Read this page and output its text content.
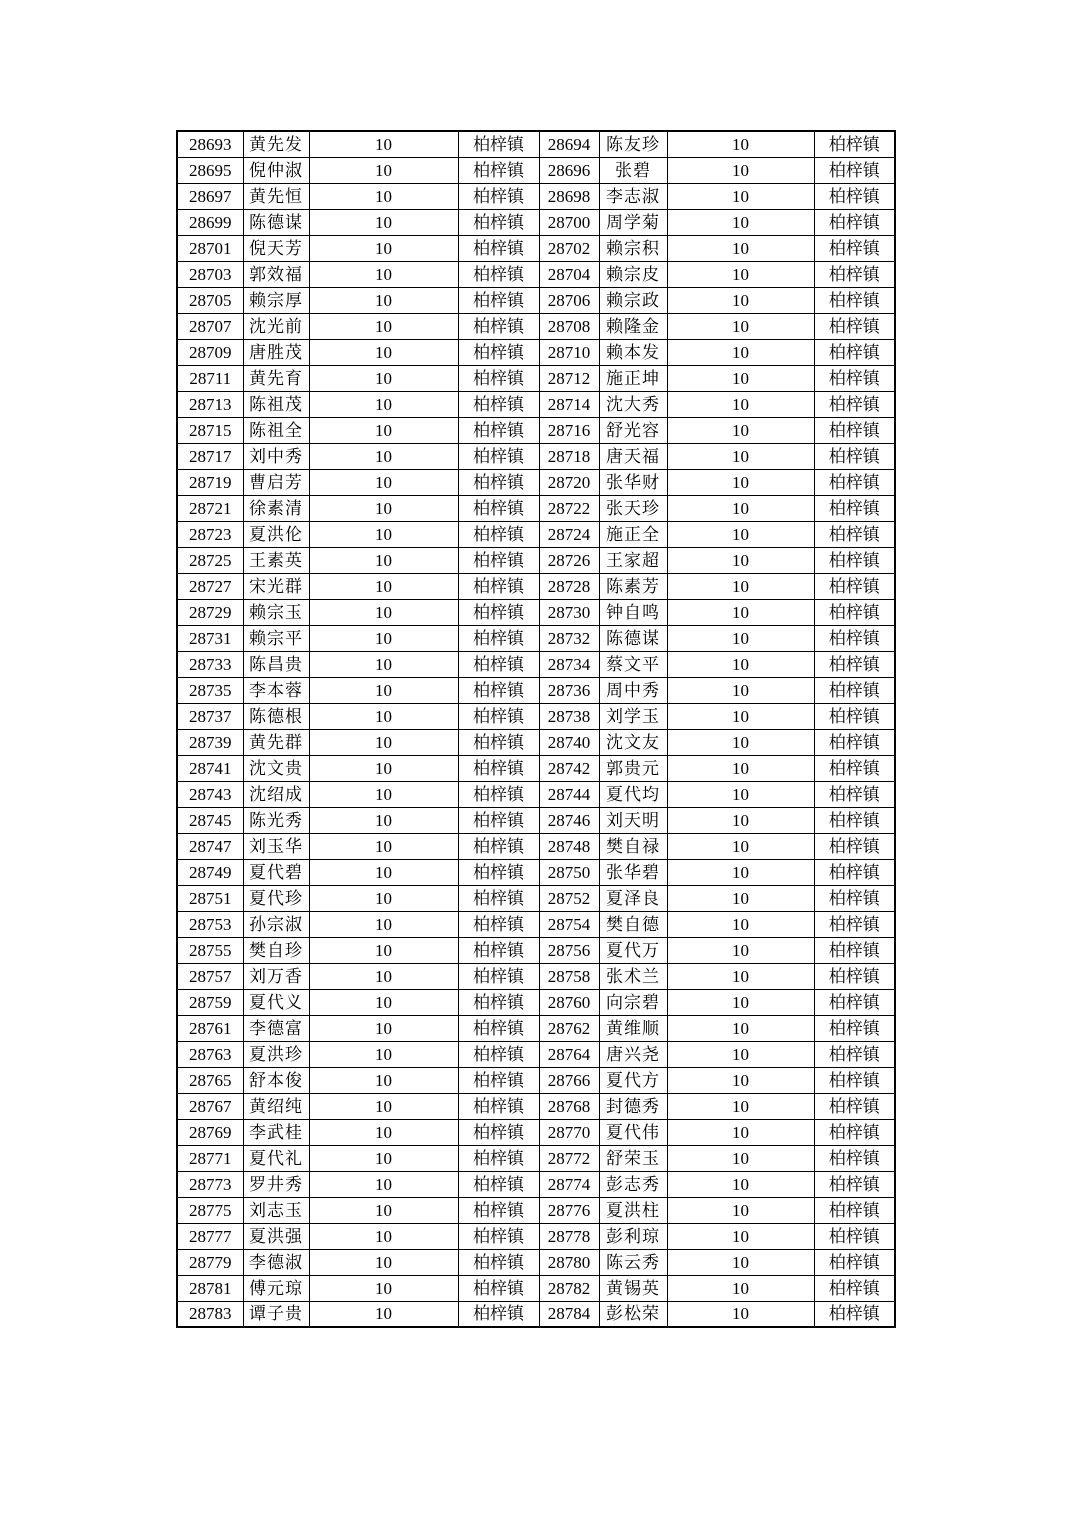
28693	黄先发	10	柏梓镇	28694	陈友珍	10	柏梓镇
28695	倪仲淑	10	柏梓镇	28696	张碧	10	柏梓镇
28697	黄先恒	10	柏梓镇	28698	李志淑	10	柏梓镇
28699	陈德谋	10	柏梓镇	28700	周学菊	10	柏梓镇
28701	倪天芳	10	柏梓镇	28702	赖宗积	10	柏梓镇
28703	郭效福	10	柏梓镇	28704	赖宗皮	10	柏梓镇
28705	赖宗厚	10	柏梓镇	28706	赖宗政	10	柏梓镇
28707	沈光前	10	柏梓镇	28708	赖隆金	10	柏梓镇
28709	唐胜茂	10	柏梓镇	28710	赖本发	10	柏梓镇
28711	黄先育	10	柏梓镇	28712	施正坤	10	柏梓镇
28713	陈祖茂	10	柏梓镇	28714	沈大秀	10	柏梓镇
28715	陈祖全	10	柏梓镇	28716	舒光容	10	柏梓镇
28717	刘中秀	10	柏梓镇	28718	唐天福	10	柏梓镇
28719	曹启芳	10	柏梓镇	28720	张华财	10	柏梓镇
28721	徐素清	10	柏梓镇	28722	张天珍	10	柏梓镇
28723	夏洪伦	10	柏梓镇	28724	施正全	10	柏梓镇
28725	王素英	10	柏梓镇	28726	王家超	10	柏梓镇
28727	宋光群	10	柏梓镇	28728	陈素芳	10	柏梓镇
28729	赖宗玉	10	柏梓镇	28730	钟自鸣	10	柏梓镇
28731	赖宗平	10	柏梓镇	28732	陈德谋	10	柏梓镇
28733	陈昌贵	10	柏梓镇	28734	蔡文平	10	柏梓镇
28735	李本蓉	10	柏梓镇	28736	周中秀	10	柏梓镇
28737	陈德根	10	柏梓镇	28738	刘学玉	10	柏梓镇
28739	黄先群	10	柏梓镇	28740	沈文友	10	柏梓镇
28741	沈文贵	10	柏梓镇	28742	郭贵元	10	柏梓镇
28743	沈绍成	10	柏梓镇	28744	夏代均	10	柏梓镇
28745	陈光秀	10	柏梓镇	28746	刘天明	10	柏梓镇
28747	刘玉华	10	柏梓镇	28748	樊自禄	10	柏梓镇
28749	夏代碧	10	柏梓镇	28750	张华碧	10	柏梓镇
28751	夏代珍	10	柏梓镇	28752	夏泽良	10	柏梓镇
28753	孙宗淑	10	柏梓镇	28754	樊自德	10	柏梓镇
28755	樊自珍	10	柏梓镇	28756	夏代万	10	柏梓镇
28757	刘万香	10	柏梓镇	28758	张术兰	10	柏梓镇
28759	夏代义	10	柏梓镇	28760	向宗碧	10	柏梓镇
28761	李德富	10	柏梓镇	28762	黄维顺	10	柏梓镇
28763	夏洪珍	10	柏梓镇	28764	唐兴尧	10	柏梓镇
28765	舒本俊	10	柏梓镇	28766	夏代方	10	柏梓镇
28767	黄绍纯	10	柏梓镇	28768	封德秀	10	柏梓镇
28769	李武桂	10	柏梓镇	28770	夏代伟	10	柏梓镇
28771	夏代礼	10	柏梓镇	28772	舒荣玉	10	柏梓镇
28773	罗井秀	10	柏梓镇	28774	彭志秀	10	柏梓镇
28775	刘志玉	10	柏梓镇	28776	夏洪柱	10	柏梓镇
28777	夏洪强	10	柏梓镇	28778	彭利琼	10	柏梓镇
28779	李德淑	10	柏梓镇	28780	陈云秀	10	柏梓镇
28781	傅元琼	10	柏梓镇	28782	黄锡英	10	柏梓镇
28783	谭子贵	10	柏梓镇	28784	彭松荣	10	柏梓镇
